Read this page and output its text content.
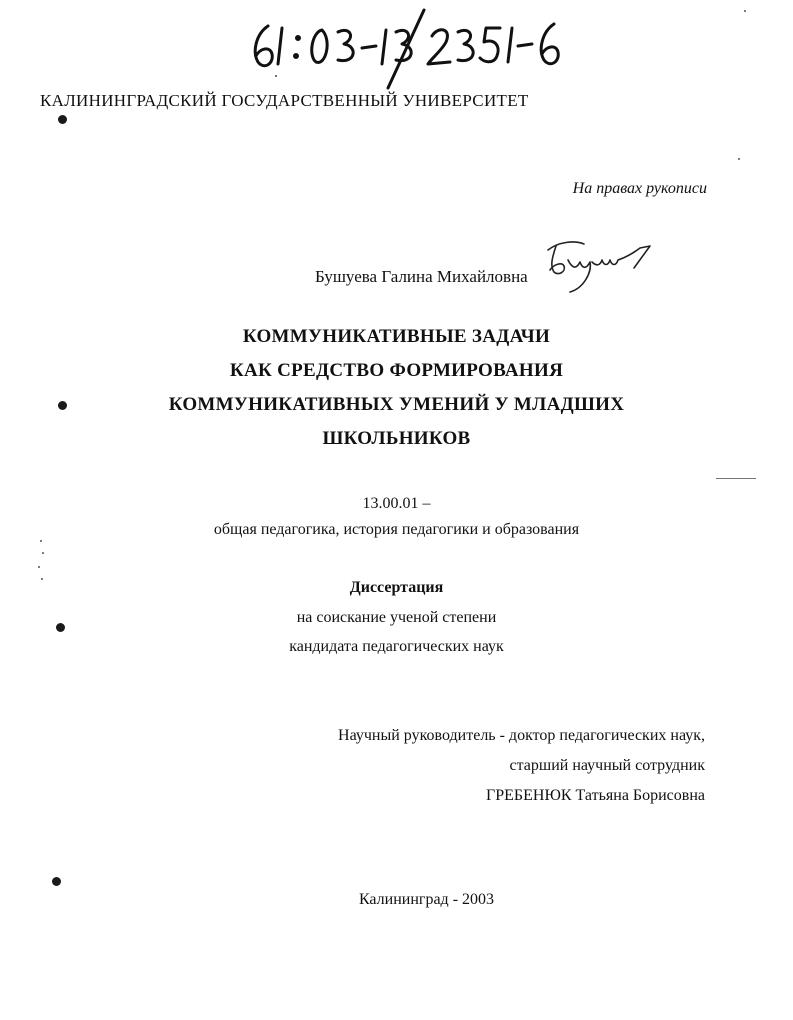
КАЛИНИНГРАДСКИЙ ГОСУДАРСТВЕННЫЙ УНИВЕРСИТЕТ
На правах рукописи
Бушуева Галина Михайловна
КОММУНИКАТИВНЫЕ ЗАДАЧИ
КАК СРЕДСТВО ФОРМИРОВАНИЯ
КОММУНИКАТИВНЫХ УМЕНИЙ У МЛАДШИХ
ШКОЛЬНИКОВ
13.00.01 –
общая педагогика, история педагогики и образования
Диссертация
на соискание ученой степени
кандидата педагогических наук
Научный руководитель - доктор педагогических наук,
старший научный сотрудник
ГРЕБЕНЮК Татьяна Борисовна
Калининград - 2003
